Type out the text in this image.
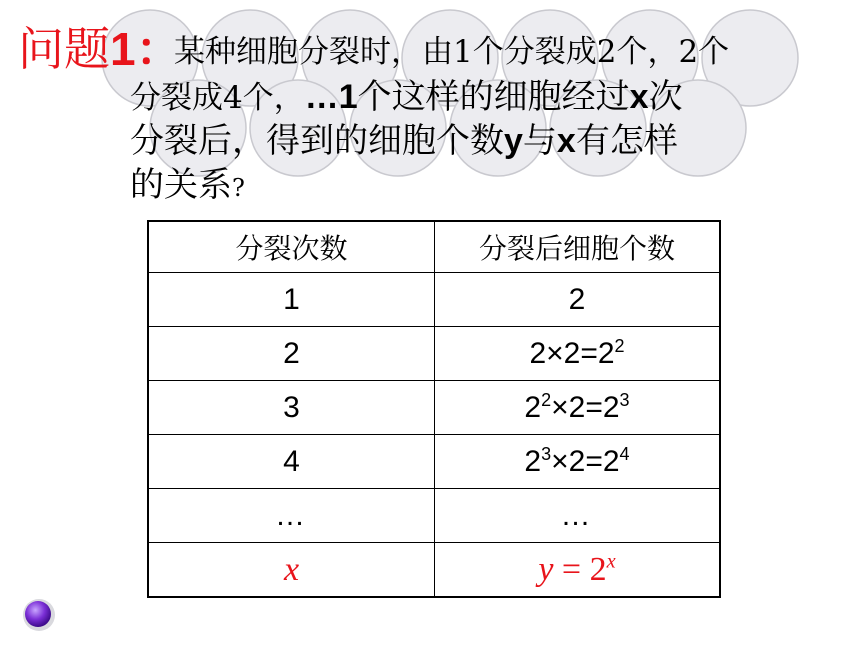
问题1：
某种细胞分裂时，由1个分裂成2个，2个
分裂成4个，…1个这样的细胞经过x次
分裂后，得到的细胞个数y与x有怎样
的关系?
分裂次数	分裂后细胞个数
1	2
2	$2\times 2=2^2$
3	$2^2\times 2=2^3$
4	$2^3\times 2=2^4$
…	…
x	$y = 2^x$
